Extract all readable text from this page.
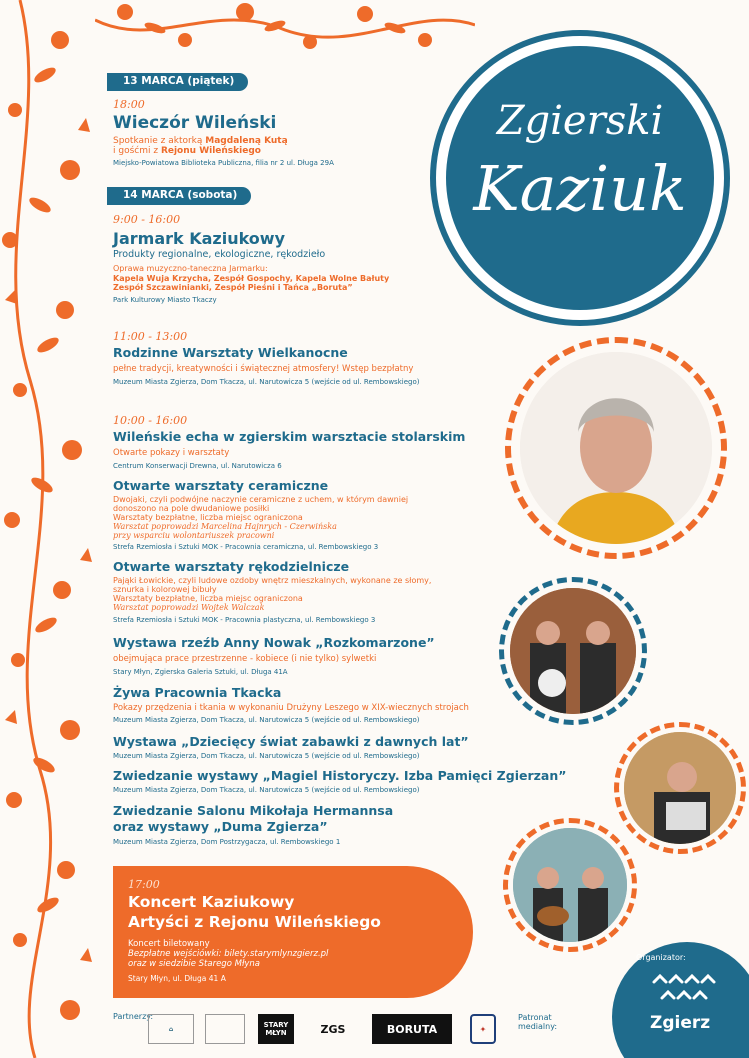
Zgierski
Kaziuk
13 MARCA (piątek)
18:00
Wieczór Wileński
Spotkanie z aktorką Magdaleną Kutą
i gośćmi z Rejonu Wileńskiego
Miejsko-Powiatowa Biblioteka Publiczna, filia nr 2 ul. Długa 29A
14 MARCA (sobota)
9:00 - 16:00
Jarmark Kaziukowy
Produkty regionalne, ekologiczne, rękodzieło
Oprawa muzyczno-taneczna Jarmarku:
Kapela Wuja Krzycha, Zespół Gospochy, Kapela Wolne Bałuty
Zespół Szczawinianki, Zespół Pieśni i Tańca „Boruta”
Park Kulturowy Miasto Tkaczy
11:00 - 13:00
Rodzinne Warsztaty Wielkanocne
pełne tradycji, kreatywności i świątecznej atmosfery! Wstęp bezpłatny
Muzeum Miasta Zgierza, Dom Tkacza, ul. Narutowicza 5 (wejście od ul. Rembowskiego)
10:00 - 16:00
Wileńskie echa w zgierskim warsztacie stolarskim
Otwarte pokazy i warsztaty
Centrum Konserwacji Drewna, ul. Narutowicza 6
Otwarte warsztaty ceramiczne
Dwojaki, czyli podwójne naczynie ceramiczne z uchem, w którym dawniej
donoszono na pole dwudaniowe posiłki
Warsztaty bezpłatne, liczba miejsc ograniczona
Warsztat poprowadzi Marcelina Hajnrych - Czerwińska
przy wsparciu wolontariuszek pracowni
Strefa Rzemiosła i Sztuki MOK - Pracownia ceramiczna, ul. Rembowskiego 3
Otwarte warsztaty rękodzielnicze
Pająki Łowickie, czyli ludowe ozdoby wnętrz mieszkalnych, wykonane ze słomy,
sznurka i kolorowej bibuły
Warsztaty bezpłatne, liczba miejsc ograniczona
Warsztat poprowadzi Wojtek Walczak
Strefa Rzemiosła i Sztuki MOK - Pracownia plastyczna, ul. Rembowskiego 3
Wystawa rzeźb Anny Nowak „Rozkomarzone”
obejmująca prace przestrzenne - kobiece (i nie tylko) sylwetki
Stary Młyn, Zgierska Galeria Sztuki, ul. Długa 41A
Żywa Pracownia Tkacka
Pokazy przędzenia i tkania w wykonaniu Drużyny Leszego w XIX-wiecznych strojach
Muzeum Miasta Zgierza, Dom Tkacza, ul. Narutowicza 5 (wejście od ul. Rembowskiego)
Wystawa „Dziecięcy świat zabawki z dawnych lat”
Muzeum Miasta Zgierza, Dom Tkacza, ul. Narutowicza 5 (wejście od ul. Rembowskiego)
Zwiedzanie wystawy „Magiel Historyczy. Izba Pamięci Zgierzan”
Muzeum Miasta Zgierza, Dom Tkacza, ul. Narutowicza 5 (wejście od ul. Rembowskiego)
Zwiedzanie Salonu Mikołaja Hermannsa
oraz wystawy „Duma Zgierza”
Muzeum Miasta Zgierza, Dom Postrzygacza, ul. Rembowskiego 1
17:00
Koncert Kaziukowy
Artyści z Rejonu Wileńskiego
Koncert biletowany
Bezpłatne wejściówki: bilety.starymlynzgierz.pl
oraz w siedzibie Starego Młyna
Stary Młyn, ul. Długa 41 A
Partnerzy:
⌂	STARY MŁYN	ZGS	BORUTA	✦
Patronat
medialny:
Organizator:
Zgierz
